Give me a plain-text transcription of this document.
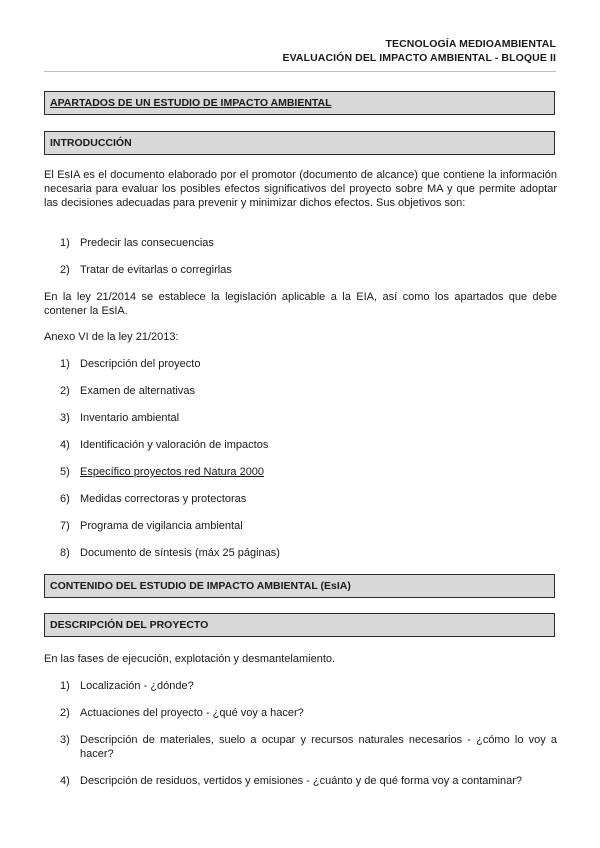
TECNOLOGÍA MEDIOAMBIENTAL
EVALUACIÓN DEL IMPACTO AMBIENTAL - BLOQUE II
APARTADOS DE UN ESTUDIO DE IMPACTO AMBIENTAL
INTRODUCCIÓN
El EsIA es el documento elaborado por el promotor (documento de alcance) que contiene la información necesaria para evaluar los posibles efectos significativos del proyecto sobre MA y que permite adoptar las decisiones adecuadas para prevenir y minimizar dichos efectos. Sus objetivos son:
1) Predecir las consecuencias
2) Tratar de evitarlas o corregirlas
En la ley 21/2014 se establece la legislación aplicable a la EIA, así como los apartados que debe contener la EsIA.
Anexo VI de la ley 21/2013:
1) Descripción del proyecto
2) Examen de alternativas
3) Inventario ambiental
4) Identificación y valoración de impactos
5) Específico proyectos red Natura 2000
6) Medidas correctoras y protectoras
7) Programa de vigilancia ambiental
8) Documento de síntesis (máx 25 páginas)
CONTENIDO DEL ESTUDIO DE IMPACTO AMBIENTAL (EsIA)
DESCRIPCIÓN DEL PROYECTO
En las fases de ejecución, explotación y desmantelamiento.
1) Localización - ¿dónde?
2) Actuaciones del proyecto - ¿qué voy a hacer?
3) Descripción de materiales, suelo a ocupar y recursos naturales necesarios - ¿cómo lo voy a hacer?
4) Descripción de residuos, vertidos y emisiones - ¿cuánto y de qué forma voy a contaminar?
